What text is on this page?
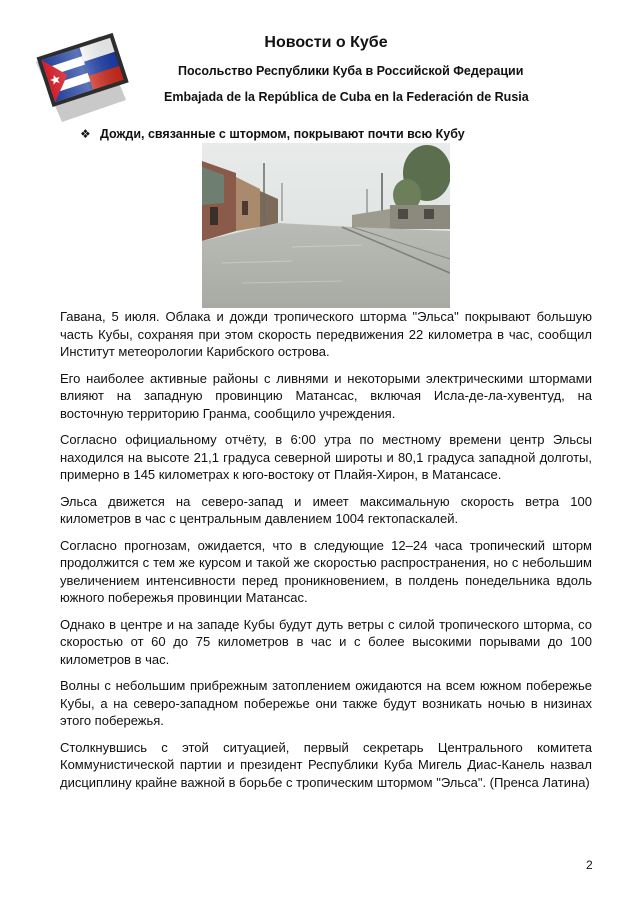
Новости о Кубе
Посольство Республики Куба в Российской Федерации
Embajada de la República de Cuba en la Federación de Rusia
❖ Дожди, связанные с штормом, покрывают почти всю Кубу

Гавана, 5 июля. Облака и дожди тропического шторма "Эльса" покрывают большую часть Кубы, сохраняя при этом скорость передвижения 22 километра в час, сообщил Институт метеорологии Карибского острова.

Его наиболее активные районы с ливнями и некоторыми электрическими штормами влияют на западную провинцию Матансас, включая Исла-де-ла-хувентуд, на восточную территорию Гранма, сообщило учреждения.

Согласно официальному отчёту, в 6:00 утра по местному времени центр Эльсы находился на высоте 21,1 градуса северной широты и 80,1 градуса западной долготы, примерно в 145 километрах к юго-востоку от Плайя-Хирон, в Матансасе.

Эльса движется на северо-запад и имеет максимальную скорость ветра 100 километров в час с центральным давлением 1004 гектопаскалей.

Согласно прогнозам, ожидается, что в следующие 12–24 часа тропический шторм продолжится с тем же курсом и такой же скоростью распространения, но с небольшим увеличением интенсивности перед проникновением, в полдень понедельника вдоль южного побережья провинции Матансас.

Однако в центре и на западе Кубы будут дуть ветры с силой тропического шторма, со скоростью от 60 до 75 километров в час и с более высокими порывами до 100 километров в час.

Волны с небольшим прибрежным затоплением ожидаются на всем южном побережье Кубы, а на северо-западном побережье они также будут возникать ночью в низинах этого побережья.

Столкнувшись с этой ситуацией, первый секретарь Центрального комитета Коммунистической партии и президент Республики Куба Мигель Диас-Канель назвал дисциплину крайне важной в борьбе с тропическим штормом "Эльса". (Пренса Латина)

2
